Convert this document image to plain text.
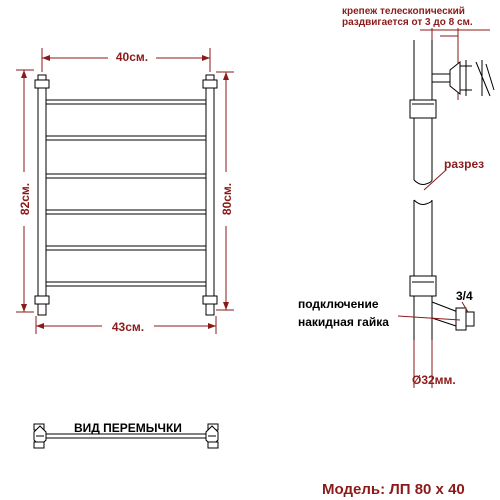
40см.
43см.
82см.	80см.
крепеж телескопический
раздвигается от 3 до 8 см.
разрез
3/4
подключение
накидная гайка
Ø32мм.
ВИД ПЕРЕМЫЧКИ
Модель: ЛП 80 х 40
